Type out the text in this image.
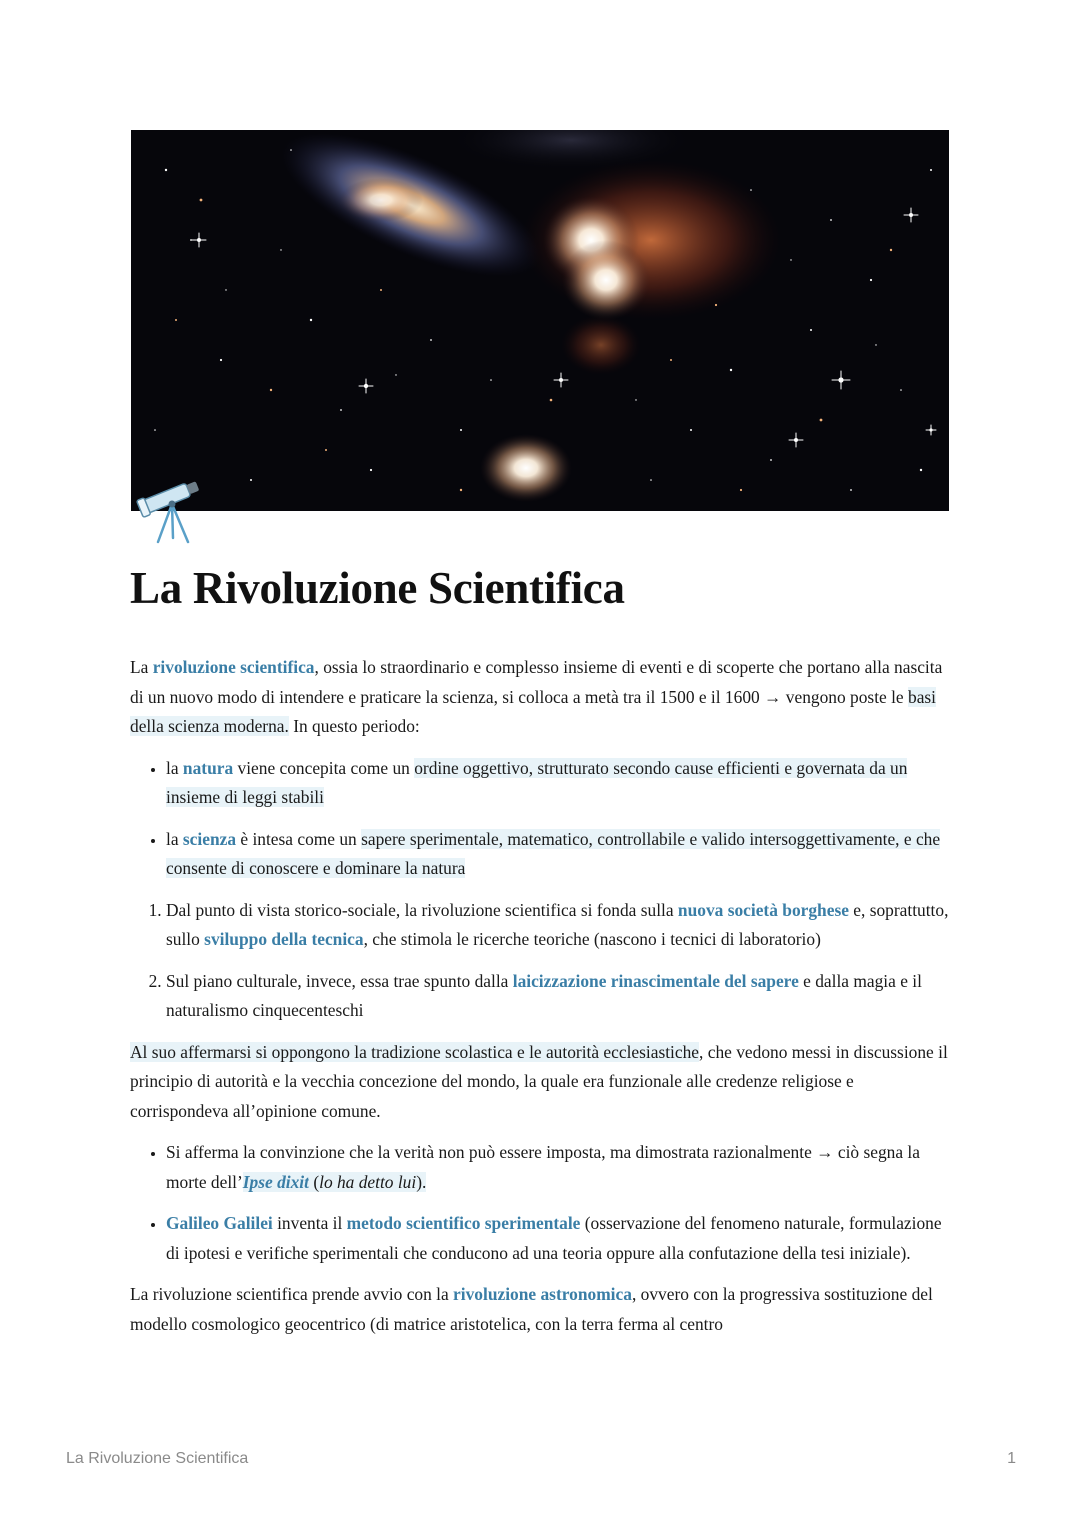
La Rivoluzione Scientifica

La rivoluzione scientifica, ossia lo straordinario e complesso insieme di eventi e di scoperte che portano alla nascita di un nuovo modo di intendere e praticare la scienza, si colloca a metà tra il 1500 e il 1600 → vengono poste le basi della scienza moderna. In questo periodo:

• la natura viene concepita come un ordine oggettivo, strutturato secondo cause efficienti e governata da un insieme di leggi stabili
• la scienza è intesa come un sapere sperimentale, matematico, controllabile e valido intersoggettivamente, e che consente di conoscere e dominare la natura
1. Dal punto di vista storico-sociale, la rivoluzione scientifica si fonda sulla nuova società borghese e, soprattutto, sullo sviluppo della tecnica, che stimola le ricerche teoriche (nascono i tecnici di laboratorio)
2. Sul piano culturale, invece, essa trae spunto dalla laicizzazione rinascimentale del sapere e dalla magia e il naturalismo cinquecenteschi

Al suo affermarsi si oppongono la tradizione scolastica e le autorità ecclesiastiche, che vedono messi in discussione il principio di autorità e la vecchia concezione del mondo, la quale era funzionale alle credenze religiose e corrispondeva all’opinione comune.

• Si afferma la convinzione che la verità non può essere imposta, ma dimostrata razionalmente → ciò segna la morte dell’Ipse dixit (lo ha detto lui).
• Galileo Galilei inventa il metodo scientifico sperimentale (osservazione del fenomeno naturale, formulazione di ipotesi e verifiche sperimentali che conducono ad una teoria oppure alla confutazione della tesi iniziale).

La rivoluzione scientifica prende avvio con la rivoluzione astronomica, ovvero con la progressiva sostituzione del modello cosmologico geocentrico (di matrice aristotelica, con la terra ferma al centro

La Rivoluzione Scientifica	1
